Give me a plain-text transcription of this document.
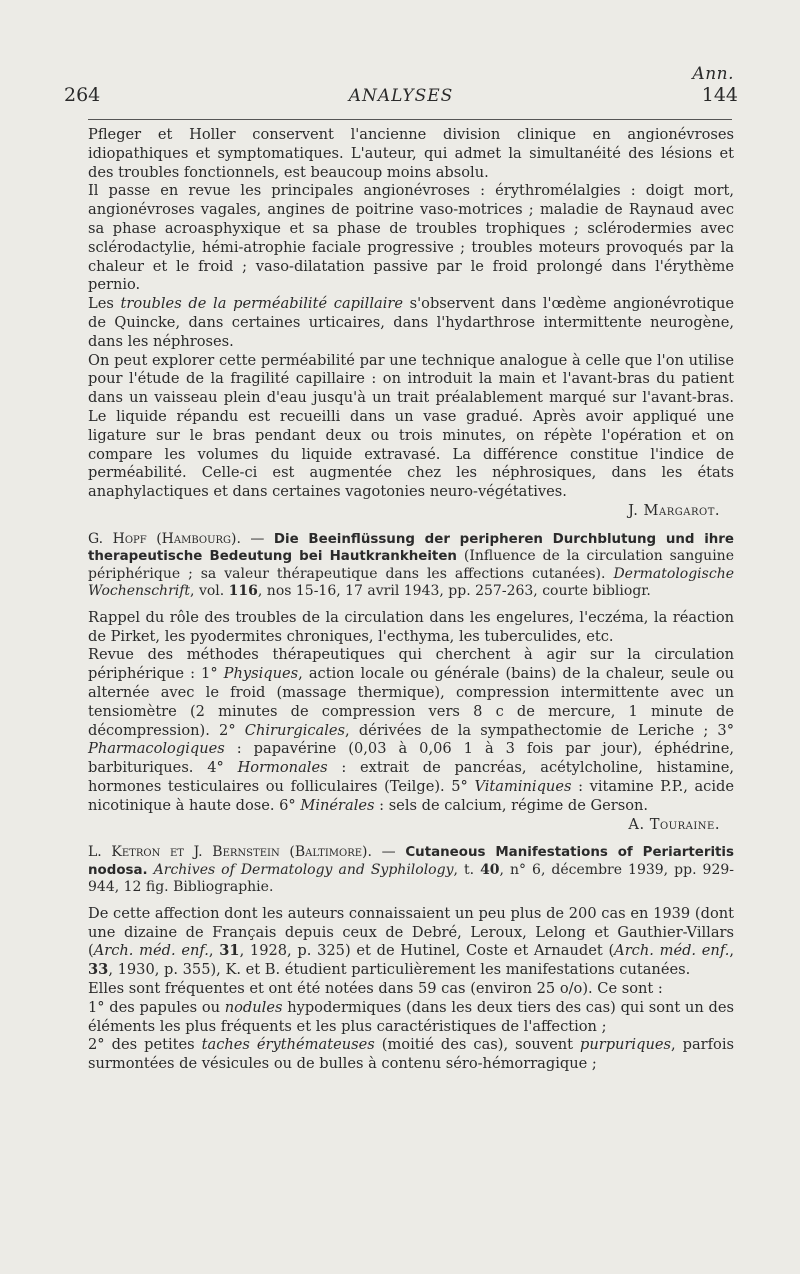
Ann.
264	ANALYSES	144

Pfleger et Holler conservent l'ancienne division clinique en angionévroses idiopathiques et symptomatiques. L'auteur, qui admet la simultanéité des lésions et des troubles fonctionnels, est beaucoup moins absolu.

Il passe en revue les principales angionévroses : érythromélalgies : doigt mort, angionévroses vagales, angines de poitrine vaso-motrices ; maladie de Raynaud avec sa phase acroasphyxique et sa phase de troubles trophiques ; sclérodermies avec sclérodactylie, hémi-atrophie faciale progressive ; troubles moteurs provoqués par la chaleur et le froid ; vaso-dilatation passive par le froid prolongé dans l'érythème pernio.

Les troubles de la perméabilité capillaire s'observent dans l'œdème angionévrotique de Quincke, dans certaines urticaires, dans l'hydarthrose intermittente neurogène, dans les néphroses.

On peut explorer cette perméabilité par une technique analogue à celle que l'on utilise pour l'étude de la fragilité capillaire : on introduit la main et l'avant-bras du patient dans un vaisseau plein d'eau jusqu'à un trait préalablement marqué sur l'avant-bras. Le liquide répandu est recueilli dans un vase gradué. Après avoir appliqué une ligature sur le bras pendant deux ou trois minutes, on répète l'opération et on compare les volumes du liquide extravasé. La différence constitue l'indice de perméabilité. Celle-ci est augmentée chez les néphrosiques, dans les états anaphylactiques et dans certaines vagotonies neuro-végétatives.

J. Margarot.

G. Hopf (Hambourg). — Die Beeinflüssung der peripheren Durchblutung und ihre therapeutische Bedeutung bei Hautkrankheiten (Influence de la circulation sanguine périphérique ; sa valeur thérapeutique dans les affections cutanées). Dermatologische Wochenschrift, vol. 116, nos 15-16, 17 avril 1943, pp. 257-263, courte bibliogr.

Rappel du rôle des troubles de la circulation dans les engelures, l'eczéma, la réaction de Pirket, les pyodermites chroniques, l'ecthyma, les tuberculides, etc.

Revue des méthodes thérapeutiques qui cherchent à agir sur la circulation périphérique : 1° Physiques, action locale ou générale (bains) de la chaleur, seule ou alternée avec le froid (massage thermique), compression intermittente avec un tensiomètre (2 minutes de compression vers 8 c de mercure, 1 minute de décompression). 2° Chirurgicales, dérivées de la sympathectomie de Leriche ; 3° Pharmacologiques : papavérine (0,03 à 0,06 1 à 3 fois par jour), éphédrine, barbituriques. 4° Hormonales : extrait de pancréas, acétylcholine, histamine, hormones testiculaires ou folliculaires (Teilge). 5° Vitaminiques : vitamine P.P., acide nicotinique à haute dose. 6° Minérales : sels de calcium, régime de Gerson.

A. Touraine.

L. Ketron et J. Bernstein (Baltimore). — Cutaneous Manifestations of Periarteritis nodosa. Archives of Dermatology and Syphilology, t. 40, n° 6, décembre 1939, pp. 929-944, 12 fig. Bibliographie.

De cette affection dont les auteurs connaissaient un peu plus de 200 cas en 1939 (dont une dizaine de Français depuis ceux de Debré, Leroux, Lelong et Gauthier-Villars (Arch. méd. enf., 31, 1928, p. 325) et de Hutinel, Coste et Arnaudet (Arch. méd. enf., 33, 1930, p. 355), K. et B. étudient particulièrement les manifestations cutanées.

Elles sont fréquentes et ont été notées dans 59 cas (environ 25 o/o). Ce sont :

1° des papules ou nodules hypodermiques (dans les deux tiers des cas) qui sont un des éléments les plus fréquents et les plus caractéristiques de l'affection ;

2° des petites taches érythémateuses (moitié des cas), souvent purpuriques, parfois surmontées de vésicules ou de bulles à contenu séro-hémorragique ;
